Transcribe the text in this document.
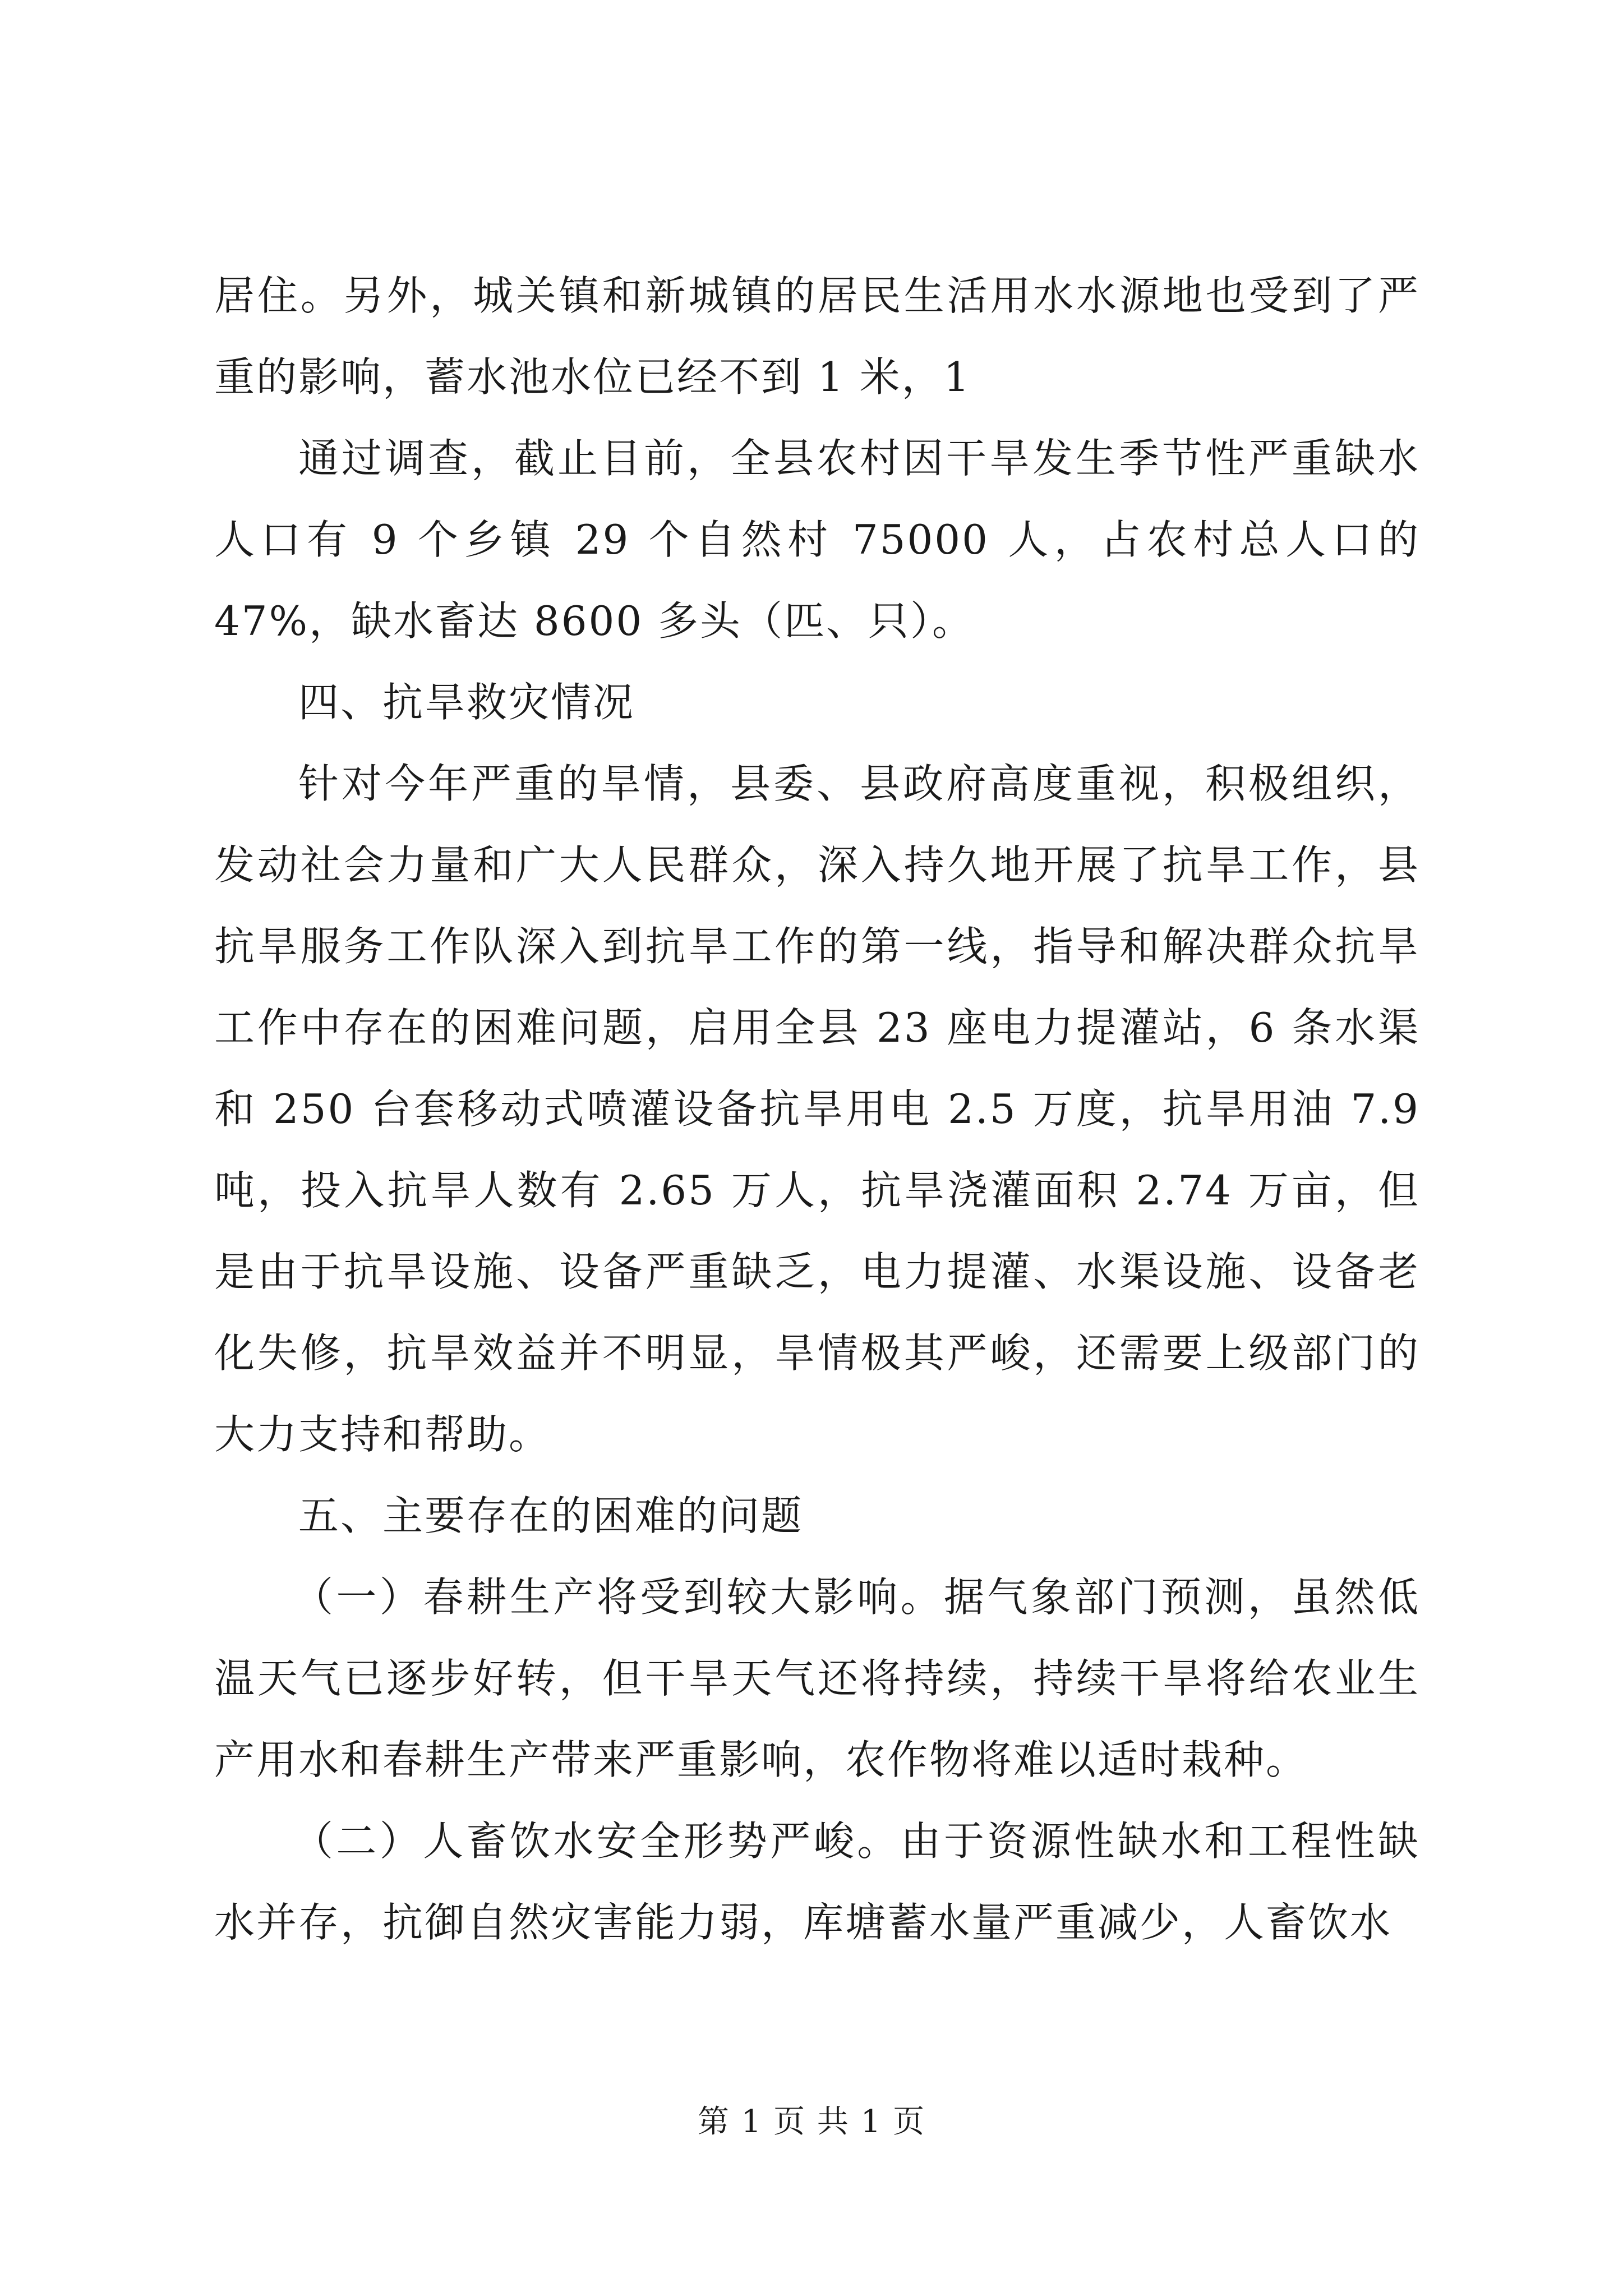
居住。另外，城关镇和新城镇的居民生活用水水源地也受到了严重的影响，蓄水池水位已经不到 1 米，1

通过调查，截止目前，全县农村因干旱发生季节性严重缺水人口有 9 个乡镇 29 个自然村 75000 人，占农村总人口的 47%，缺水畜达 8600 多头（匹、只）。

四、抗旱救灾情况

针对今年严重的旱情，县委、县政府高度重视，积极组织，发动社会力量和广大人民群众，深入持久地开展了抗旱工作，县抗旱服务工作队深入到抗旱工作的第一线，指导和解决群众抗旱工作中存在的困难问题，启用全县 23 座电力提灌站，6 条水渠和 250 台套移动式喷灌设备抗旱用电 2.5 万度，抗旱用油 7.9 吨，投入抗旱人数有 2.65 万人，抗旱浇灌面积 2.74 万亩，但是由于抗旱设施、设备严重缺乏，电力提灌、水渠设施、设备老化失修，抗旱效益并不明显，旱情极其严峻，还需要上级部门的大力支持和帮助。

五、主要存在的困难的问题

（一）春耕生产将受到较大影响。据气象部门预测，虽然低温天气已逐步好转，但干旱天气还将持续，持续干旱将给农业生产用水和春耕生产带来严重影响，农作物将难以适时栽种。

（二）人畜饮水安全形势严峻。由于资源性缺水和工程性缺水并存，抗御自然灾害能力弱，库塘蓄水量严重减少，人畜饮水

第 1 页 共 1 页
